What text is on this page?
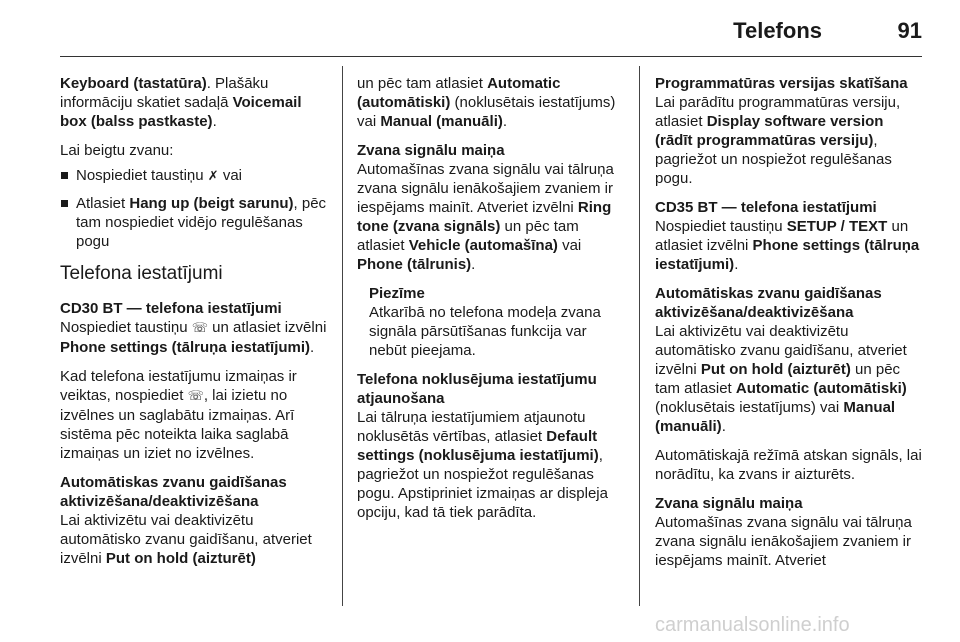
Telefons	91

Keyboard (tastatūra). Plašāku informāciju skatiet sadaļā Voicemail box (balss pastkaste).

Lai beigtu zvanu:

Nospiediet taustiņu ✗ vai
Atlasiet Hang up (beigt sarunu), pēc tam nospiediet vidējo regulēšanas pogu
Telefona iestatījumi
CD30 BT — telefona iestatījumi

Nospiediet taustiņu ☏ un atlasiet izvēlni Phone settings (tālruņa iestatījumi).

Kad telefona iestatījumu izmaiņas ir veiktas, nospiediet ☏, lai izietu no izvēlnes un saglabātu izmaiņas. Arī sistēma pēc noteikta laika saglabā izmaiņas un iziet no izvēlnes.

Automātiskas zvanu gaidīšanas aktivizēšana/deaktivizēšana

Lai aktivizētu vai deaktivizētu automātisko zvanu gaidīšanu, atveriet izvēlni Put on hold (aizturēt)

un pēc tam atlasiet Automatic (automātiski) (noklusētais iestatījums) vai Manual (manuāli).

Zvana signālu maiņa

Automašīnas zvana signālu vai tālruņa zvana signālu ienākošajiem zvaniem ir iespējams mainīt. Atveriet izvēlni Ring tone (zvana signāls) un pēc tam atlasiet Vehicle (automašīna) vai Phone (tālrunis).

Piezīme
Atkarībā no telefona modeļa zvana signāla pārsūtīšanas funkcija var nebūt pieejama.
Telefona noklusējuma iestatījumu atjaunošana

Lai tālruņa iestatījumiem atjaunotu noklusētās vērtības, atlasiet Default settings (noklusējuma iestatījumi), pagriežot un nospiežot regulēšanas pogu. Apstipriniet izmaiņas ar displeja opciju, kad tā tiek parādīta.

Programmatūras versijas skatīšana

Lai parādītu programmatūras versiju, atlasiet Display software version (rādīt programmatūras versiju), pagriežot un nospiežot regulēšanas pogu.

CD35 BT — telefona iestatījumi

Nospiediet taustiņu SETUP / TEXT un atlasiet izvēlni Phone settings (tālruņa iestatījumi).

Automātiskas zvanu gaidīšanas aktivizēšana/deaktivizēšana

Lai aktivizētu vai deaktivizētu automātisko zvanu gaidīšanu, atveriet izvēlni Put on hold (aizturēt) un pēc tam atlasiet Automatic (automātiski) (noklusētais iestatījums) vai Manual (manuāli).

Automātiskajā režīmā atskan signāls, lai norādītu, ka zvans ir aizturēts.

Zvana signālu maiņa

Automašīnas zvana signālu vai tālruņa zvana signālu ienākošajiem zvaniem ir iespējams mainīt. Atveriet

carmanualsonline.info
